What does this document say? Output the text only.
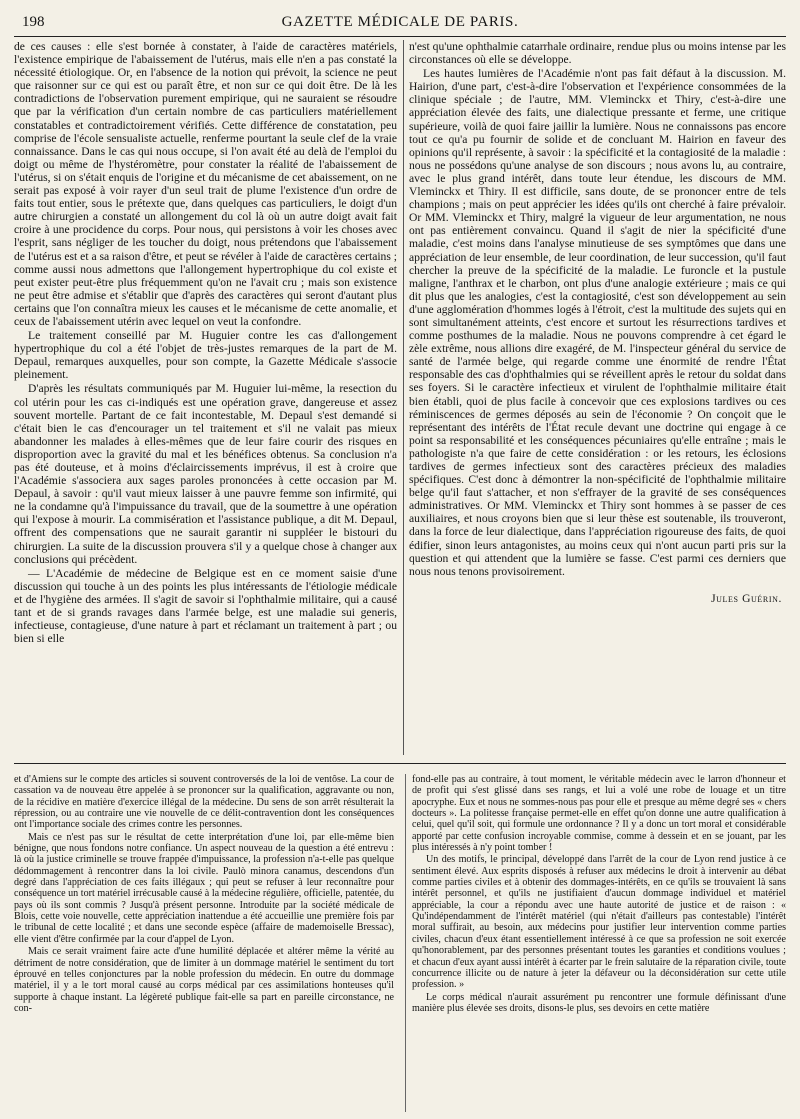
198	GAZETTE MÉDICALE DE PARIS.

de ces causes : elle s'est bornée à constater, à l'aide de caractères matériels, l'existence empirique de l'abaissement de l'utérus, mais elle n'en a pas constaté la nécessité étiologique. Or, en l'absence de la notion qui prévoit, la science ne peut que raisonner sur ce qui est ou paraît être, et non sur ce qui doit être. De là les contradictions de l'observation purement empirique, qui ne sauraient se résoudre que par la vérification d'un certain nombre de cas particuliers matériellement constatables et contradictoirement vérifiés. Cette différence de constatation, peu comprise de l'école sensualiste actuelle, renferme pourtant la seule clef de la vraie connaissance. Dans le cas qui nous occupe, si l'on avait été au delà de l'emploi du doigt ou même de l'hystéromètre, pour constater la réalité de l'abaissement de l'utérus, si on s'était enquis de l'origine et du mécanisme de cet abaissement, on ne serait pas exposé à voir rayer d'un seul trait de plume l'existence d'un ordre de faits tout entier, sous le prétexte que, dans quelques cas particuliers, le doigt d'un autre chirurgien a constaté un allongement du col là où un autre doigt avait fait croire à une procidence du corps. Pour nous, qui persistons à voir les choses avec l'esprit, sans négliger de les toucher du doigt, nous prétendons que l'abaissement de l'utérus est et a sa raison d'être, et peut se révéler à l'aide de caractères certains ; comme aussi nous admettons que l'allongement hypertrophique du col existe et peut exister peut-être plus fréquemment qu'on ne l'avait cru ; mais son existence ne peut être admise et s'établir que d'après des caractères qui seront d'autant plus certains que l'on connaîtra mieux les causes et le mécanisme de cette anomalie, et ceux de l'abaissement utérin avec lequel on veut la confondre.

Le traitement conseillé par M. Huguier contre les cas d'allongement hypertrophique du col a été l'objet de très-justes remarques de la part de M. Depaul, remarques auxquelles, pour son compte, la Gazette Médicale s'associe pleinement.

D'après les résultats communiqués par M. Huguier lui-même, la resection du col utérin pour les cas ci-indiqués est une opération grave, dangereuse et assez souvent mortelle. Partant de ce fait incontestable, M. Depaul s'est demandé si c'était bien le cas d'encourager un tel traitement et s'il ne valait pas mieux abandonner les malades à elles-mêmes que de leur faire courir des risques en disproportion avec la gravité du mal et les bénéfices obtenus. Sa conclusion n'a pas été douteuse, et à moins d'éclaircissements imprévus, il est à croire que l'Académie s'associera aux sages paroles prononcées à cette occasion par M. Depaul, à savoir : qu'il vaut mieux laisser à une pauvre femme son infirmité, qui ne la condamne qu'à l'impuissance du travail, que de la soumettre à une opération qui l'expose à mourir. La commisération et l'assistance publique, a dit M. Depaul, offrent des compensations que ne saurait garantir ni suppléer le bistouri du chirurgien. La suite de la discussion prouvera s'il y a quelque chose à changer aux conclusions qui précèdent.

— L'Académie de médecine de Belgique est en ce moment saisie d'une discussion qui touche à un des points les plus intéressants de l'étiologie médicale et de l'hygiène des armées. Il s'agit de savoir si l'ophthalmie militaire, qui a causé tant et de si grands ravages dans l'armée belge, est une maladie sui generis, infectieuse, contagieuse, d'une nature à part et réclamant un traitement à part ; ou bien si elle

n'est qu'une ophthalmie catarrhale ordinaire, rendue plus ou moins intense par les circonstances où elle se développe.

Les hautes lumières de l'Académie n'ont pas fait défaut à la discussion. M. Hairion, d'une part, c'est-à-dire l'observation et l'expérience consommées de la clinique spéciale ; de l'autre, MM. Vleminckx et Thiry, c'est-à-dire une appréciation élevée des faits, une dialectique pressante et ferme, une critique supérieure, voilà de quoi faire jaillir la lumière. Nous ne connaissons pas encore tout ce qu'a pu fournir de solide et de concluant M. Hairion en faveur des opinions qu'il représente, à savoir : la spécificité et la contagiosité de la maladie : nous ne possédons qu'une analyse de son discours ; nous avons lu, au contraire, avec le plus grand intérêt, dans toute leur étendue, les discours de MM. Vleminckx et Thiry. Il est difficile, sans doute, de se prononcer entre de tels champions ; mais on peut apprécier les idées qu'ils ont cherché à faire prévaloir. Or MM. Vleminckx et Thiry, malgré la vigueur de leur argumentation, ne nous ont pas entièrement convaincu. Quand il s'agit de nier la spécificité d'une maladie, c'est moins dans l'analyse minutieuse de ses symptômes que dans une appréciation de leur ensemble, de leur coordination, de leur succession, qu'il faut chercher la preuve de la spécificité de la maladie. Le furoncle et la pustule maligne, l'anthrax et le charbon, ont plus d'une analogie extérieure ; mais ce qui dit plus que les analogies, c'est la contagiosité, c'est son développement au sein d'une agglomération d'hommes logés à l'étroit, c'est la multitude des sujets qui en sont simultanément atteints, c'est encore et surtout les résurrections tardives et comme posthumes de la maladie. Nous ne pouvons comprendre à cet égard le zèle extrême, nous allions dire exagéré, de M. l'inspecteur général du service de santé de l'armée belge, qui regarde comme une énormité de rendre l'État responsable des cas d'ophthalmies qui se réveillent après le retour du soldat dans ses foyers. Si le caractère infectieux et virulent de l'ophthalmie militaire était bien établi, quoi de plus facile à concevoir que ces explosions tardives ou ces réminiscences de germes déposés au sein de l'économie ? On conçoit que le représentant des intérêts de l'État recule devant une doctrine qui engage à ce point sa responsabilité et les conséquences pécuniaires qu'elle entraîne ; mais le pathologiste n'a que faire de cette considération : or les retours, les éclosions tardives de germes infectieux sont des caractères précieux des maladies spécifiques. C'est donc à démontrer la non-spécificité de l'ophthalmie militaire belge qu'il faut s'attacher, et non s'effrayer de la gravité de ses conséquences administratives. Or MM. Vleminckx et Thiry sont hommes à se passer de ces auxiliaires, et nous croyons bien que si leur thèse est soutenable, ils trouveront, dans la force de leur dialectique, dans l'appréciation rigoureuse des faits, de quoi édifier, sinon leurs antagonistes, au moins ceux qui n'ont aucun parti pris sur la question et qui attendent que la lumière se fasse. C'est parmi ces derniers que nous nous tenons provisoirement.

Jules Guérin.

et d'Amiens sur le compte des articles si souvent controversés de la loi de ventôse. La cour de cassation va de nouveau être appelée à se prononcer sur la qualification, aggravante ou non, de la récidive en matière d'exercice illégal de la médecine. Du sens de son arrêt résulterait la répression, ou au contraire une vie nouvelle de ce délit-contravention dont les conséquences ont l'importance sociale des crimes contre les personnes.

Mais ce n'est pas sur le résultat de cette interprétation d'une loi, par elle-même bien bénigne, que nous fondons notre confiance. Un aspect nouveau de la question a été entrevu : là où la justice criminelle se trouve frappée d'impuissance, la profession n'a-t-elle pas quelque dédommagement à rencontrer dans la loi civile. Paulò minora canamus, descendons d'un degré dans l'appréciation de ces faits illégaux ; qui peut se refuser à leur reconnaître pour conséquence un tort matériel irrécusable causé à la médecine régulière, officielle, patentée, du pays où ils sont commis ? Jusqu'à présent personne. Introduite par la société médicale de Blois, cette voie nouvelle, cette appréciation inattendue a été accueillie une première fois par le tribunal de cette localité ; et dans une seconde espèce (affaire de mademoiselle Bressac), elle vient d'être confirmée par la cour d'appel de Lyon.

Mais ce serait vraiment faire acte d'une humilité déplacée et altérer même la vérité au détriment de notre considération, que de limiter à un dommage matériel le sentiment du tort éprouvé en telles conjonctures par la noble profession du médecin. En outre du dommage matériel, il y a le tort moral causé au corps médical par ces assimilations honteuses qu'il supporte à chaque instant. La légèreté publique fait-elle sa part en pareille circonstance, ne con-

fond-elle pas au contraire, à tout moment, le véritable médecin avec le larron d'honneur et de profit qui s'est glissé dans ses rangs, et lui a volé une robe de louage et un titre apocryphe. Eux et nous ne sommes-nous pas pour elle et presque au même degré ses « chers docteurs ». La politesse française permet-elle en effet qu'on donne une autre qualification à celui, quel qu'il soit, qui formule une ordonnance ? Il y a donc un tort moral et considérable apporté par cette confusion incroyable commise, comme à dessein et en se jouant, par les plus intéressés à n'y point tomber !

Un des motifs, le principal, développé dans l'arrêt de la cour de Lyon rend justice à ce sentiment élevé. Aux esprits disposés à refuser aux médecins le droit à intervenir au débat comme parties civiles et à obtenir des dommages-intérêts, en ce qu'ils se trouvaient là sans intérêt personnel, et qu'ils ne justifiaient d'aucun dommage individuel et matériel appréciable, la cour a répondu avec une haute autorité de justice et de raison : « Qu'indépendamment de l'intérêt matériel (qui n'était d'ailleurs pas contestable) l'intérêt moral suffirait, au besoin, aux médecins pour justifier leur intervention comme parties civiles, chacun d'eux étant essentiellement intéressé à ce que sa profession ne soit exercée qu'honorablement, par des personnes présentant toutes les garanties et conditions voulues ; et chacun d'eux ayant aussi intérêt à écarter par le frein salutaire de la réparation civile, toute concurrence illicite ou de nature à jeter la défaveur ou la déconsidération sur cette utile profession. »

Le corps médical n'aurait assurément pu rencontrer une formule définissant d'une manière plus élevée ses droits, disons-le plus, ses devoirs en cette matière
